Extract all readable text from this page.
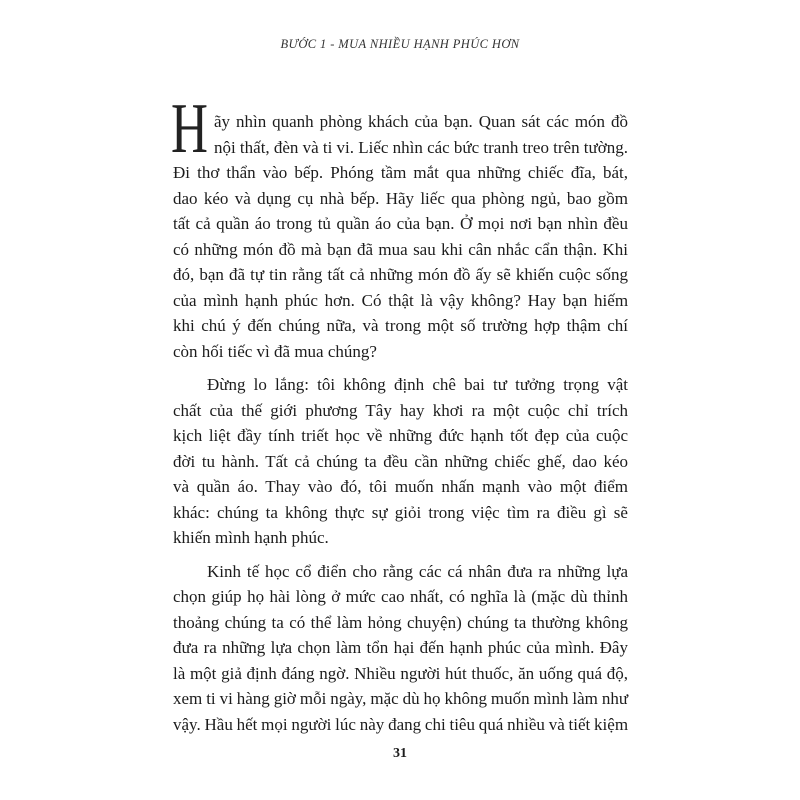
BƯỚC 1 - MUA NHIỀU HẠNH PHÚC HƠN
H ãy nhìn quanh phòng khách của bạn. Quan sát các món đồ
nội thất, đèn và ti vi. Liếc nhìn các bức tranh treo trên tường.
Đi thơ thẩn vào bếp. Phóng tầm mắt qua những chiếc đĩa, bát,
dao kéo và dụng cụ nhà bếp. Hãy liếc qua phòng ngủ, bao gồm
tất cả quần áo trong tủ quần áo của bạn. Ở mọi nơi bạn nhìn đều
có những món đồ mà bạn đã mua sau khi cân nhắc cẩn thận. Khi
đó, bạn đã tự tin rằng tất cả những món đồ ấy sẽ khiến cuộc sống
của mình hạnh phúc hơn. Có thật là vậy không? Hay bạn hiếm
khi chú ý đến chúng nữa, và trong một số trường hợp thậm chí
còn hối tiếc vì đã mua chúng?
Đừng lo lắng: tôi không định chê bai tư tưởng trọng vật
chất của thế giới phương Tây hay khơi ra một cuộc chỉ trích
kịch liệt đầy tính triết học về những đức hạnh tốt đẹp của cuộc
đời tu hành. Tất cả chúng ta đều cần những chiếc ghế, dao kéo
và quần áo. Thay vào đó, tôi muốn nhấn mạnh vào một điểm
khác: chúng ta không thực sự giỏi trong việc tìm ra điều gì sẽ
khiến mình hạnh phúc.
Kinh tế học cổ điển cho rằng các cá nhân đưa ra những lựa
chọn giúp họ hài lòng ở mức cao nhất, có nghĩa là (mặc dù thỉnh
thoảng chúng ta có thể làm hỏng chuyện) chúng ta thường không
đưa ra những lựa chọn làm tổn hại đến hạnh phúc của mình. Đây
là một giả định đáng ngờ. Nhiều người hút thuốc, ăn uống quá độ,
xem ti vi hàng giờ mỗi ngày, mặc dù họ không muốn mình làm như
vậy. Hầu hết mọi người lúc này đang chi tiêu quá nhiều và tiết kiệm
31
